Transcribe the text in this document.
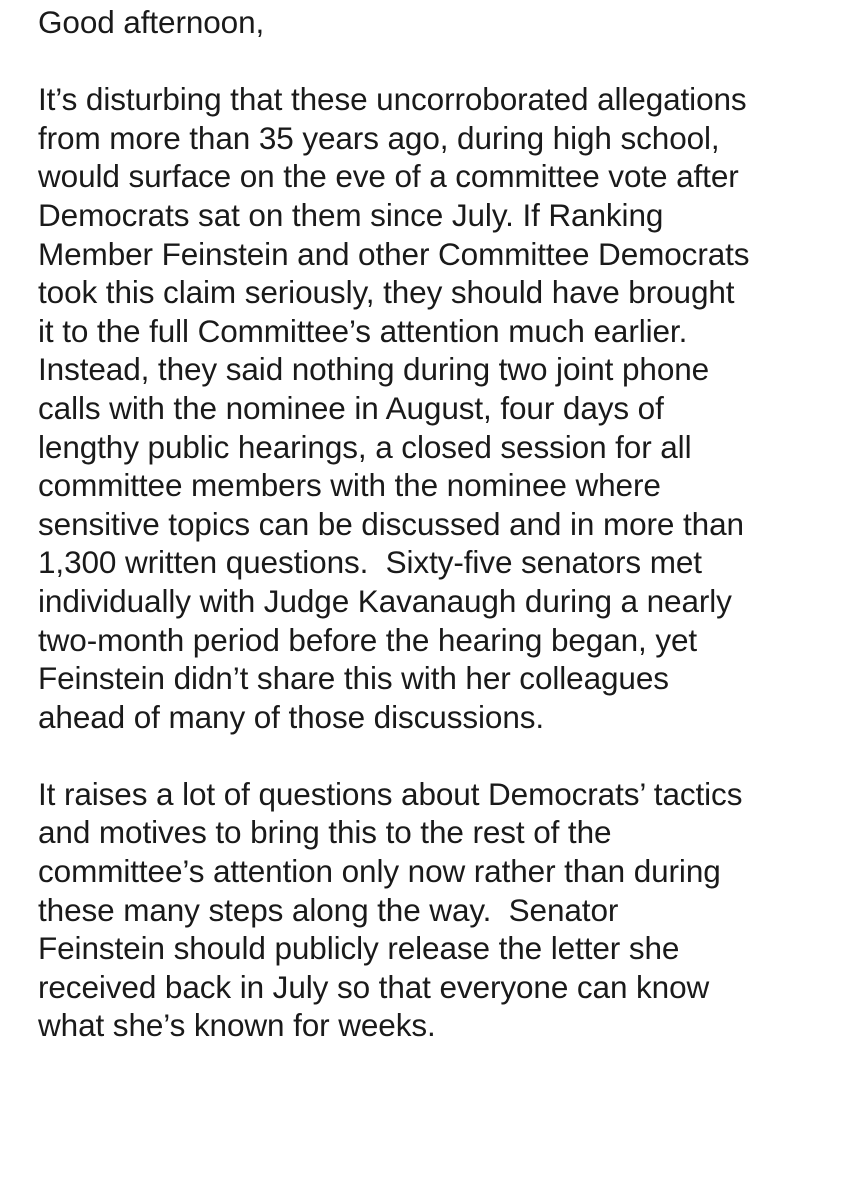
Good afternoon,
It’s disturbing that these uncorroborated allegations
from more than 35 years ago, during high school,
would surface on the eve of a committee vote after
Democrats sat on them since July. If Ranking
Member Feinstein and other Committee Democrats
took this claim seriously, they should have brought
it to the full Committee’s attention much earlier.
Instead, they said nothing during two joint phone
calls with the nominee in August, four days of
lengthy public hearings, a closed session for all
committee members with the nominee where
sensitive topics can be discussed and in more than
1,300 written questions.  Sixty-five senators met
individually with Judge Kavanaugh during a nearly
two-month period before the hearing began, yet
Feinstein didn’t share this with her colleagues
ahead of many of those discussions.
It raises a lot of questions about Democrats’ tactics
and motives to bring this to the rest of the
committee’s attention only now rather than during
these many steps along the way.  Senator
Feinstein should publicly release the letter she
received back in July so that everyone can know
what she’s known for weeks.
